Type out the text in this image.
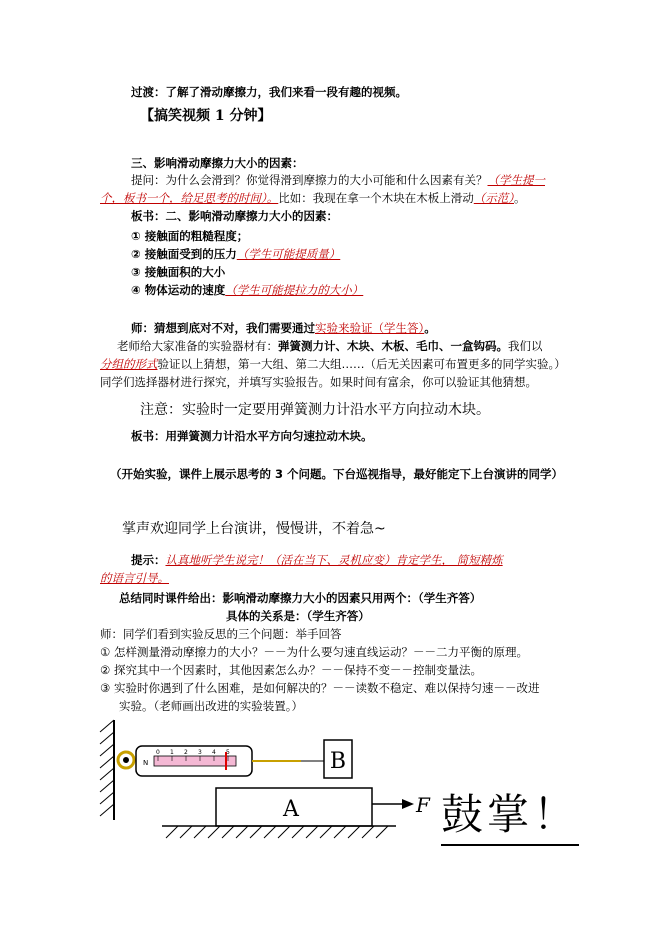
过渡：了解了滑动摩擦力，我们来看一段有趣的视频。
【搞笑视频 1 分钟】
三、影响滑动摩擦力大小的因素：
提问：为什么会滑到？你觉得滑到摩擦力的大小可能和什么因素有关？（学生提一
个，板书一个，给足思考的时间）。比如：我现在拿一个木块在木板上滑动（示范）。
板书：二、影响滑动摩擦力大小的因素：
① 接触面的粗糙程度；
② 接触面受到的压力（学生可能提质量）
③ 接触面积的大小
④ 物体运动的速度（学生可能提拉力的大小）
师：猜想到底对不对，我们需要通过实验来验证（学生答）。
老师给大家准备的实验器材有：弹簧测力计、木块、木板、毛巾、一盒钩码。我们以
分组的形式验证以上猜想，第一大组、第二大组……（后无关因素可布置更多的同学实验。）
同学们选择器材进行探究，并填写实验报告。如果时间有富余，你可以验证其他猜想。
注意：实验时一定要用弹簧测力计沿水平方向拉动木块。
板书：用弹簧测力计沿水平方向匀速拉动木块。
（开始实验，课件上展示思考的 3 个问题。下台巡视指导，最好能定下上台演讲的同学）
掌声欢迎同学上台演讲，慢慢讲，不着急~
提示：认真地听学生说完！（活在当下、灵机应变）肯定学生， 简短精炼
的语言引导。
总结同时课件给出：影响滑动摩擦力大小的因素只用两个：（学生齐答）
具体的关系是：（学生齐答）
师：同学们看到实验反思的三个问题：举手回答
① 怎样测量滑动摩擦力的大小？－－为什么要匀速直线运动？－－二力平衡的原理。
② 探究其中一个因素时，其他因素怎么办？－－保持不变－－控制变量法。
③ 实验时你遇到了什么困难，是如何解决的？－－读数不稳定、难以保持匀速－－改进
实验。（老师画出改进的实验装置。）
N
0 1 2 3 4 5	B
A	F 鼓掌！
